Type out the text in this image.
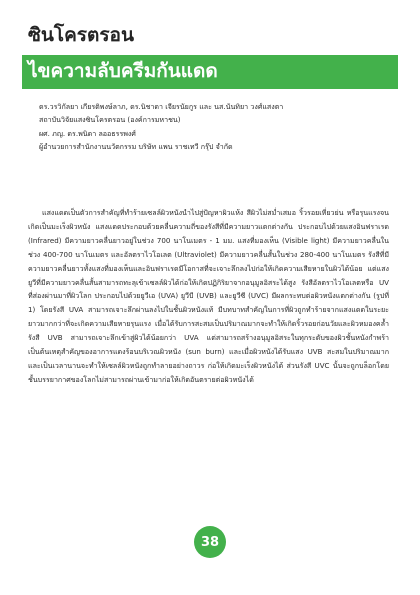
ซินโครตรอน
ไขความลับครีมกันแดด
ดร.วรวิกัลยา เกียรติพงษ์ลาภ, ดร.นิชาดา เจียรนัยกูร และ นส.นันทิยา วงศ์แสงตา
สถาบันวิจัยแสงซินโครตรอน (องค์การมหาชน)
ผศ. ภญ. ดร.พนิดา ลออธรรพงศ์
ผู้อำนวยการสำนักงานนวัตกรรม บริษัท แพน ราชเทวี กรุ๊ป จำกัด

แสงแดดเป็นตัวการสำคัญที่ทำร้ายเซลล์ผิวหนังนำไปสู่ปัญหาผิวแห้ง สีผิวไม่สม่ำเสมอ ริ้วรอยเหี่ยวย่น หรือรุนแรงจนเกิดเป็นมะเร็งผิวหนัง แสงแดดประกอบด้วยคลื่นความถี่ของรังสีที่มีความยาวแตกต่างกัน ประกอบไปด้วยแสงอินฟราเรด (Infrared) มีความยาวคลื่นยาวอยู่ในช่วง 700 นาโนเมตร - 1 มม. แสงที่มองเห็น (Visible light) มีความยาวคลื่นในช่วง 400-700 นาโนเมตร และอัลตราไวโอเลต (Ultraviolet) มีความยาวคลื่นสั้นในช่วง 280-400 นาโนเมตร รังสีที่มีความยาวคลื่นยาวทั้งแสงที่มองเห็นและอินฟราเรดมีโอกาสที่จะเจาะลึกลงไปก่อให้เกิดความเสียหายในผิวได้น้อย แต่แสงยูวีที่มีความยาวคลื่นสั้นสามารถทะลุเข้าเซลล์ผิวได้ก่อให้เกิดปฏิกิริยาจากอนุมูลอิสระได้สูง รังสีอัลตราไวโอเลตหรือ UV ที่ส่องผ่านมาที่ผิวโลก ประกอบไปด้วยยูวีเอ (UVA) ยูวีบี (UVB) และยูวีซี (UVC) มีผลกระทบต่อผิวหนังแตกต่างกัน (รูปที่ 1) โดยรังสี UVA สามารถเจาะลึกผ่านลงไปในชั้นผิวหนังแท้ มีบทบาทสำคัญในการที่ผิวถูกทำร้ายจากแสงแดดในระยะยาวมากกว่าที่จะเกิดความเสียหายรุนแรง เมื่อได้รับการสะสมเป็นปริมาณมากจะทำให้เกิดริ้วรอยก่อนวัยและผิวหมองคล้ำ รังสี UVB สามารถเจาะลึกเข้าสู่ผิวได้น้อยกว่า UVA แต่สามารถสร้างอนุมูลอิสระในทุกระดับของผิวชั้นหนังกำพร้า เป็นต้นเหตุสำคัญของอาการแดงร้อนบริเวณผิวหนัง (sun burn) และเมื่อผิวหนังได้รับแสง UVB สะสมในปริมาณมากและเป็นเวลานานจะทำให้เซลล์ผิวหนังถูกทำลายอย่างถาวร ก่อให้เกิดมะเร็งผิวหนังได้ ส่วนรังสี UVC นั้นจะถูกบล็อกโดยชั้นบรรยากาศของโลกไม่สามารถผ่านเข้ามาก่อให้เกิดอันตรายต่อผิวหนังได้

38
